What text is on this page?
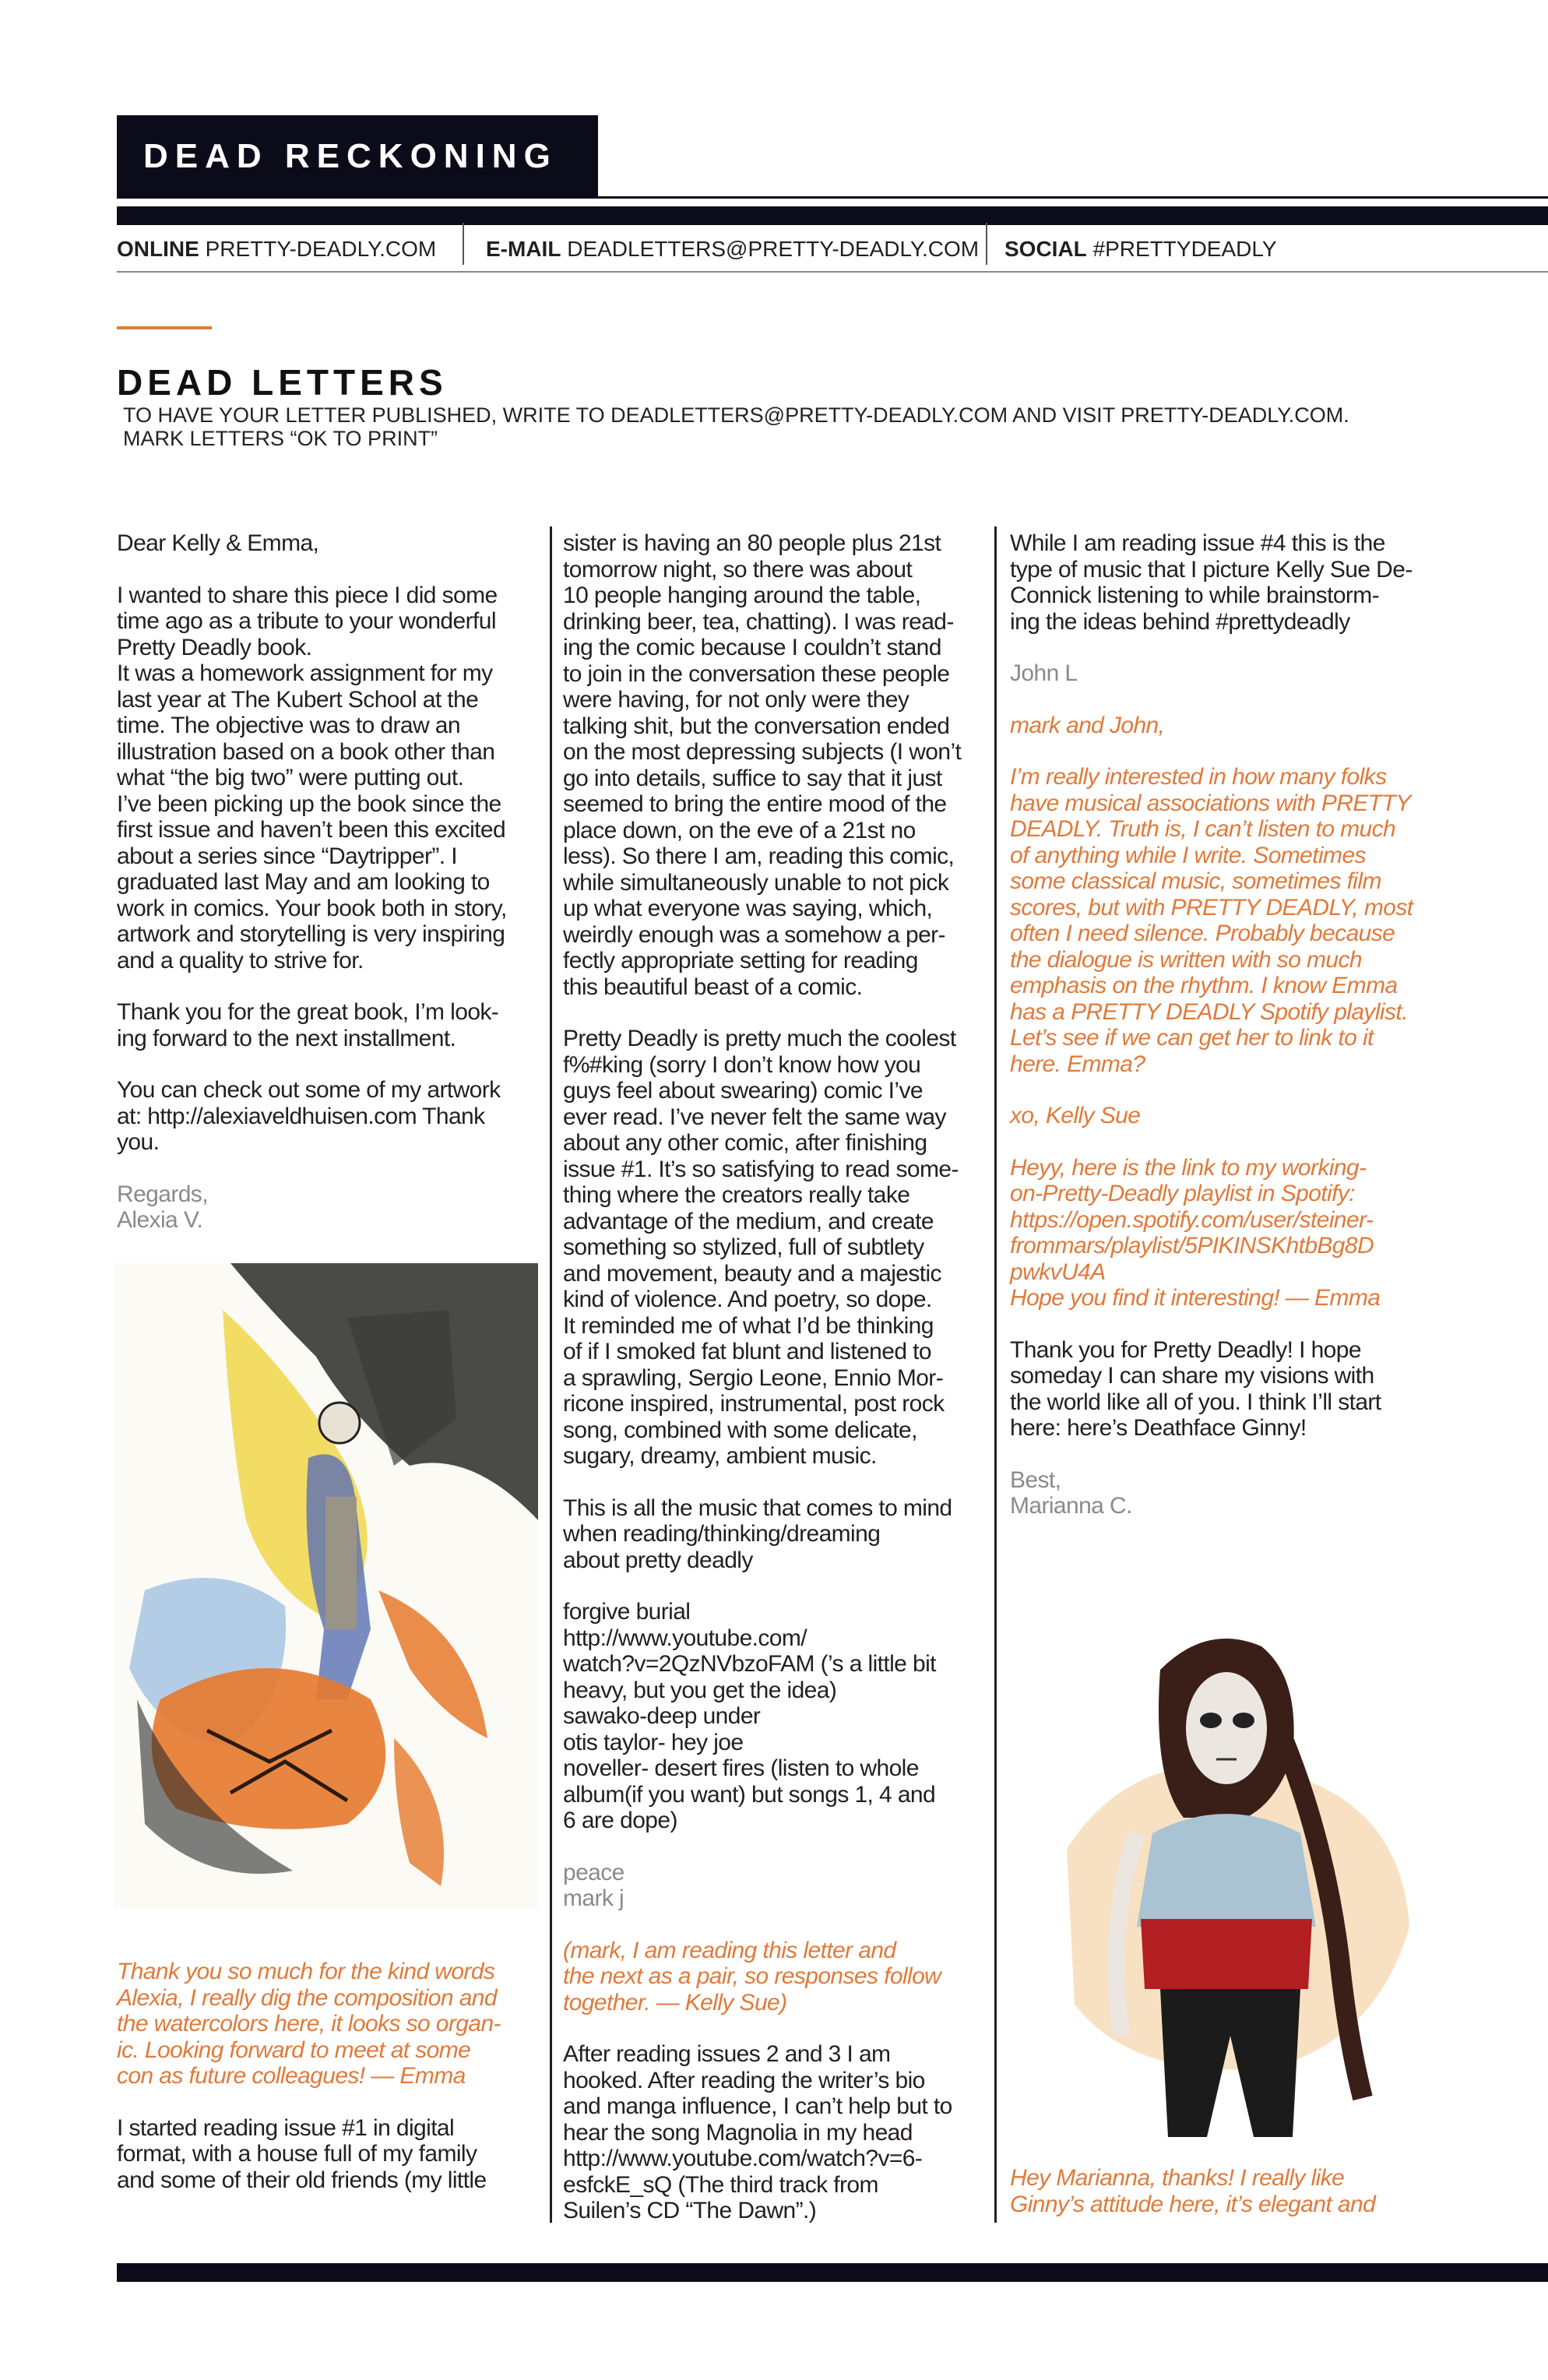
DEAD RECKONING
ONLINE PRETTY-DEADLY.COM E-MAIL DEADLETTERS@PRETTY-DEADLY.COM SOCIAL #PRETTYDEADLY
DEAD LETTERS
TO HAVE YOUR LETTER PUBLISHED, WRITE TO DEADLETTERS@PRETTY-DEADLY.COM AND VISIT PRETTY-DEADLY.COM.
MARK LETTERS “OK TO PRINT”

Dear Kelly & Emma,

I wanted to share this piece I did some
time ago as a tribute to your wonderful
Pretty Deadly book.
It was a homework assignment for my
last year at The Kubert School at the
time. The objective was to draw an
illustration based on a book other than
what “the big two” were putting out.
I’ve been picking up the book since the
first issue and haven’t been this excited
about a series since “Daytripper”. I
graduated last May and am looking to
work in comics. Your book both in story,
artwork and storytelling is very inspiring
and a quality to strive for.

Thank you for the great book, I’m look-
ing forward to the next installment.

You can check out some of my artwork
at: http://alexiaveldhuisen.com Thank
you.

Regards,
Alexia V.

Thank you so much for the kind words
Alexia, I really dig the composition and
the watercolors here, it looks so organ-
ic. Looking forward to meet at some
con as future colleagues! — Emma

I started reading issue #1 in digital
format, with a house full of my family
and some of their old friends (my little

sister is having an 80 people plus 21st
tomorrow night, so there was about
10 people hanging around the table,
drinking beer, tea, chatting). I was read-
ing the comic because I couldn’t stand
to join in the conversation these people
were having, for not only were they
talking shit, but the conversation ended
on the most depressing subjects (I won’t
go into details, suffice to say that it just
seemed to bring the entire mood of the
place down, on the eve of a 21st no
less). So there I am, reading this comic,
while simultaneously unable to not pick
up what everyone was saying, which,
weirdly enough was a somehow a per-
fectly appropriate setting for reading
this beautiful beast of a comic.

Pretty Deadly is pretty much the coolest
f%#king (sorry I don’t know how you
guys feel about swearing) comic I’ve
ever read. I’ve never felt the same way
about any other comic, after finishing
issue #1. It’s so satisfying to read some-
thing where the creators really take
advantage of the medium, and create
something so stylized, full of subtlety
and movement, beauty and a majestic
kind of violence. And poetry, so dope.
It reminded me of what I’d be thinking
of if I smoked fat blunt and listened to
a sprawling, Sergio Leone, Ennio Mor-
ricone inspired, instrumental, post rock
song, combined with some delicate,
sugary, dreamy, ambient music.

This is all the music that comes to mind
when reading/thinking/dreaming
about pretty deadly

forgive burial
http://www.youtube.com/
watch?v=2QzNVbzoFAM (’s a little bit
heavy, but you get the idea)
sawako-deep under
otis taylor- hey joe
noveller- desert fires (listen to whole
album(if you want) but songs 1, 4 and
6 are dope)

peace
mark j

(mark, I am reading this letter and
the next as a pair, so responses follow
together. — Kelly Sue)

After reading issues 2 and 3 I am
hooked. After reading the writer’s bio
and manga influence, I can’t help but to
hear the song Magnolia in my head
http://www.youtube.com/watch?v=6-
esfckE_sQ (The third track from
Suilen’s CD “The Dawn”.)

While I am reading issue #4 this is the
type of music that I picture Kelly Sue De-
Connick listening to while brainstorm-
ing the ideas behind #prettydeadly

John L

mark and John,

I’m really interested in how many folks
have musical associations with PRETTY
DEADLY. Truth is, I can’t listen to much
of anything while I write. Sometimes
some classical music, sometimes film
scores, but with PRETTY DEADLY, most
often I need silence. Probably because
the dialogue is written with so much
emphasis on the rhythm. I know Emma
has a PRETTY DEADLY Spotify playlist.
Let’s see if we can get her to link to it
here. Emma?

xo, Kelly Sue

Heyy, here is the link to my working-
on-Pretty-Deadly playlist in Spotify:
https://open.spotify.com/user/steiner-
frommars/playlist/5PIKINSKhtbBg8D
pwkvU4A
Hope you find it interesting! — Emma

Thank you for Pretty Deadly! I hope
someday I can share my visions with
the world like all of you. I think I’ll start
here: here’s Deathface Ginny!

Best,
Marianna C.

Hey Marianna, thanks! I really like
Ginny’s attitude here, it’s elegant and
